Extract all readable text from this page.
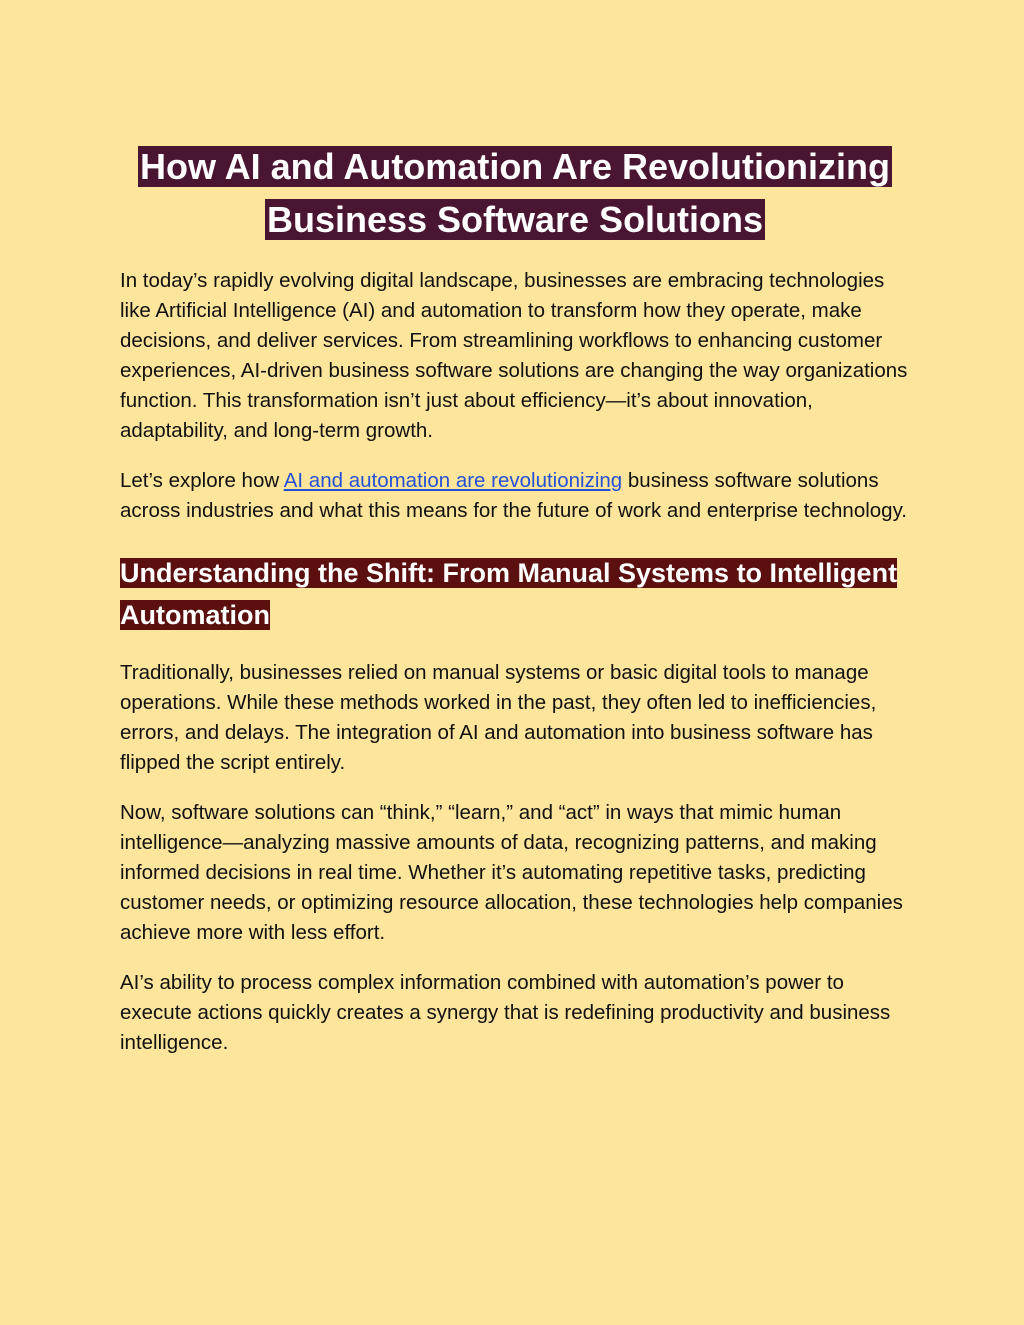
How AI and Automation Are Revolutionizing Business Software Solutions

In today’s rapidly evolving digital landscape, businesses are embracing technologies like Artificial Intelligence (AI) and automation to transform how they operate, make decisions, and deliver services. From streamlining workflows to enhancing customer experiences, AI-driven business software solutions are changing the way organizations function. This transformation isn’t just about efficiency—it’s about innovation, adaptability, and long-term growth.

Let’s explore how AI and automation are revolutionizing business software solutions across industries and what this means for the future of work and enterprise technology.

Understanding the Shift: From Manual Systems to Intelligent Automation

Traditionally, businesses relied on manual systems or basic digital tools to manage operations. While these methods worked in the past, they often led to inefficiencies, errors, and delays. The integration of AI and automation into business software has flipped the script entirely.

Now, software solutions can “think,” “learn,” and “act” in ways that mimic human intelligence—analyzing massive amounts of data, recognizing patterns, and making informed decisions in real time. Whether it’s automating repetitive tasks, predicting customer needs, or optimizing resource allocation, these technologies help companies achieve more with less effort.

AI’s ability to process complex information combined with automation’s power to execute actions quickly creates a synergy that is redefining productivity and business intelligence.
